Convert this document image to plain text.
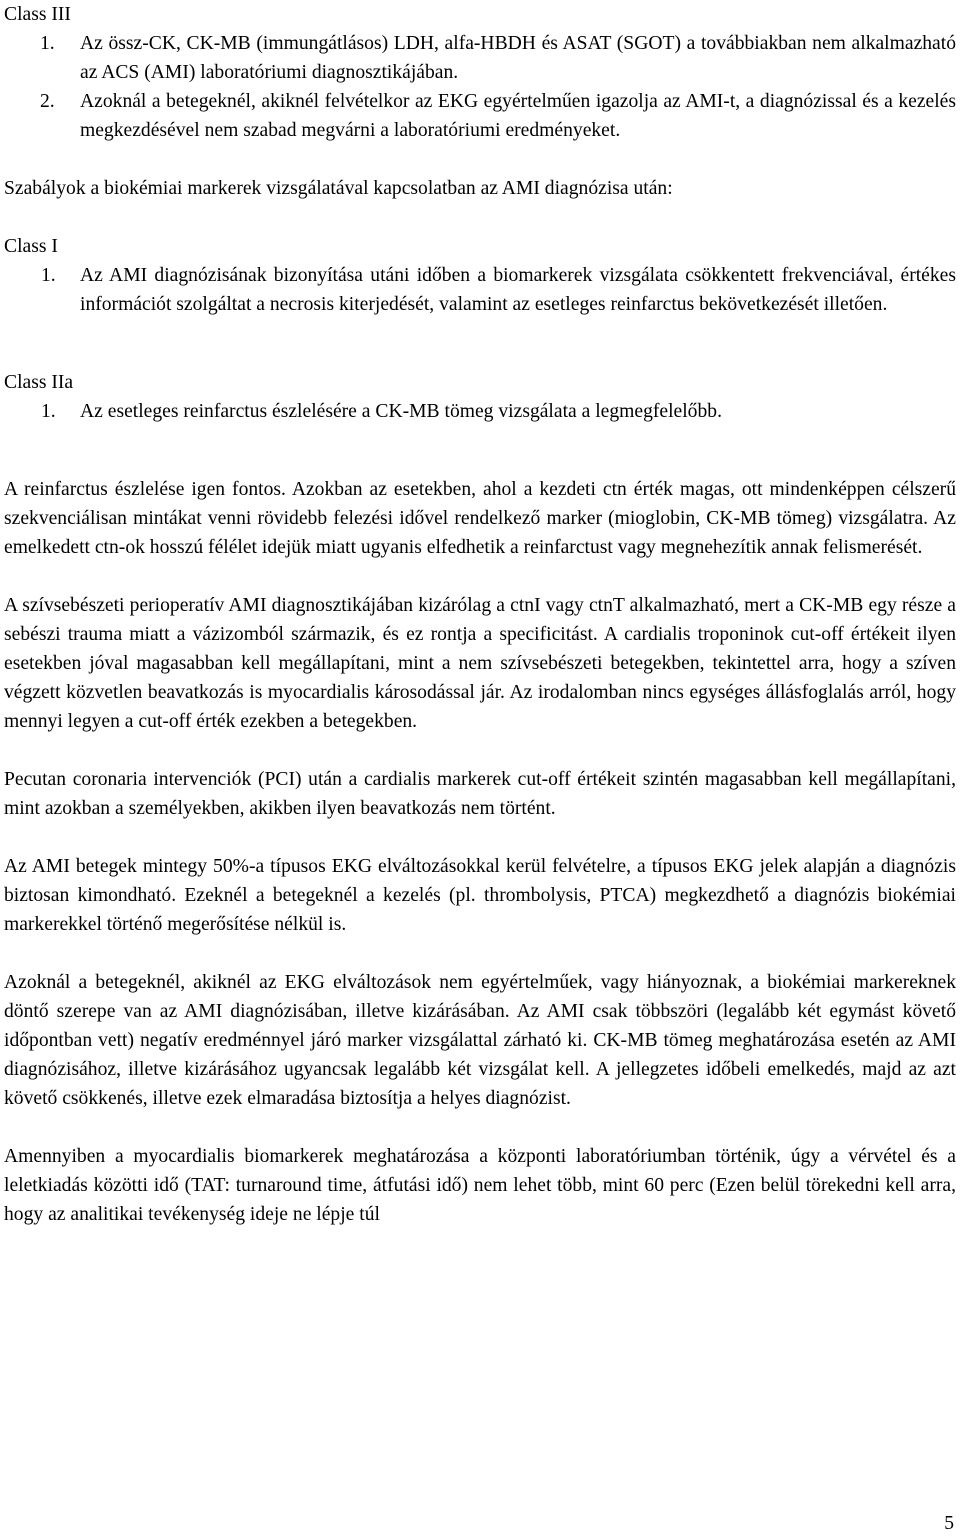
Class III

1.	Az össz-CK, CK-MB (immungátlásos) LDH, alfa-HBDH és ASAT (SGOT) a továbbiakban nem alkalmazható az ACS (AMI) laboratóriumi diagnosztikájában.
2.	Azoknál a betegeknél, akiknél felvételkor az EKG egyértelműen igazolja az AMI-t, a diagnózissal és a kezelés megkezdésével nem szabad megvárni a laboratóriumi eredményeket.

Szabályok a biokémiai markerek vizsgálatával kapcsolatban az AMI diagnózisa után:

Class I

1.	Az AMI diagnózisának bizonyítása utáni időben a biomarkerek vizsgálata csökkentett frekvenciával, értékes információt szolgáltat a necrosis kiterjedését, valamint az esetleges reinfarctus bekövetkezését illetően.

Class IIa

1.	Az esetleges reinfarctus észlelésére a CK-MB tömeg vizsgálata a legmegfelelőbb.

A reinfarctus észlelése igen fontos. Azokban az esetekben, ahol a kezdeti ctn érték magas, ott mindenképpen célszerű szekvenciálisan mintákat venni rövidebb felezési idővel rendelkező marker (mioglobin, CK-MB tömeg) vizsgálatra. Az emelkedett ctn-ok hosszú félélet idejük miatt ugyanis elfedhetik a reinfarctust vagy megnehezítik annak felismerését.

A szívsebészeti perioperatív AMI diagnosztikájában kizárólag a ctnI vagy ctnT alkalmazható, mert a CK-MB egy része a sebészi trauma miatt a vázizomból származik, és ez rontja a specificitást. A cardialis troponinok cut-off értékeit ilyen esetekben jóval magasabban kell megállapítani, mint a nem szívsebészeti betegekben, tekintettel arra, hogy a szíven végzett közvetlen beavatkozás is myocardialis károsodással jár. Az irodalomban nincs egységes állásfoglalás arról, hogy mennyi legyen a cut-off érték ezekben a betegekben.

Pecutan coronaria intervenciók (PCI) után a cardialis markerek cut-off értékeit szintén magasabban kell megállapítani, mint azokban a személyekben, akikben ilyen beavatkozás nem történt.

Az AMI betegek mintegy 50%-a típusos EKG elváltozásokkal kerül felvételre, a típusos EKG jelek alapján a diagnózis biztosan kimondható. Ezeknél a betegeknél a kezelés (pl. thrombolysis, PTCA) megkezdhető a diagnózis biokémiai markerekkel történő megerősítése nélkül is.

Azoknál a betegeknél, akiknél az EKG elváltozások nem egyértelműek, vagy hiányoznak, a biokémiai markereknek döntő szerepe van az AMI diagnózisában, illetve kizárásában. Az AMI csak többszöri (legalább két egymást követő időpontban vett) negatív eredménnyel járó marker vizsgálattal zárható ki. CK-MB tömeg meghatározása esetén az AMI diagnózisához, illetve kizárásához ugyancsak legalább két vizsgálat kell. A jellegzetes időbeli emelkedés, majd az azt követő csökkenés, illetve ezek elmaradása biztosítja a helyes diagnózist.

Amennyiben a myocardialis biomarkerek meghatározása a központi laboratóriumban történik, úgy a vérvétel és a leletkiadás közötti idő (TAT: turnaround time, átfutási idő) nem lehet több, mint 60 perc (Ezen belül törekedni kell arra, hogy az analitikai tevékenység ideje ne lépje túl

5
